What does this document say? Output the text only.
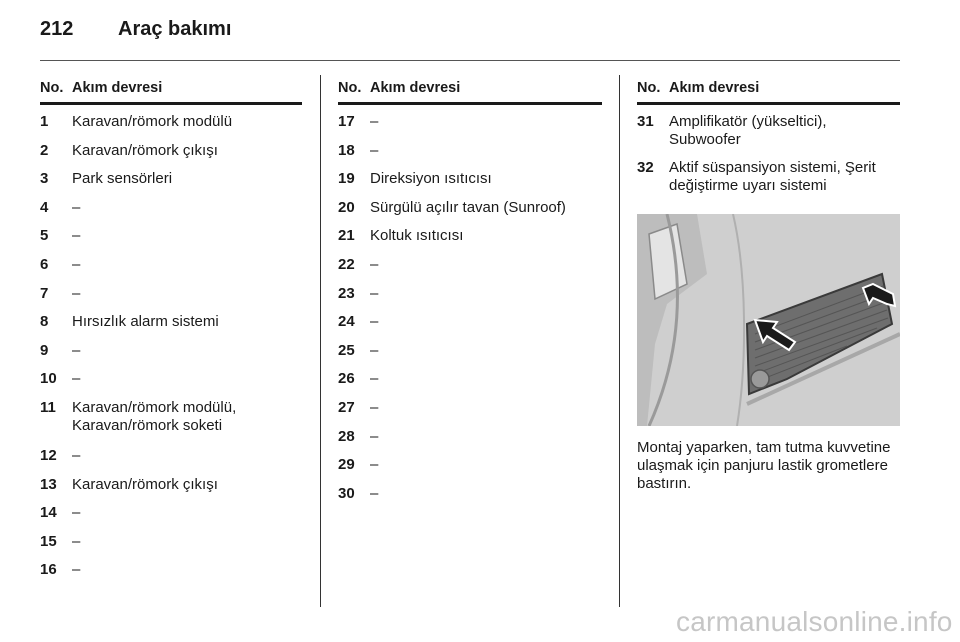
212 Araç bakımı
No. Akım devresi
1	Karavan/römork modülü
2	Karavan/römork çıkışı
3	Park sensörleri
4	–
5	–
6	–
7	–
8	Hırsızlık alarm sistemi
9	–
10	–
11	Karavan/römork modülü, Karavan/römork soketi
12	–
13	Karavan/römork çıkışı
14	–
15	–
16	–
No. Akım devresi
17	–
18	–
19	Direksiyon ısıtıcısı
20	Sürgülü açılır tavan (Sunroof)
21	Koltuk ısıtıcısı
22	–
23	–
24	–
25	–
26	–
27	–
28	–
29	–
30	–
No. Akım devresi
31	Amplifikatör (yükseltici), Subwoofer
32	Aktif süspansiyon sistemi, Şerit değiştirme uyarı sistemi
Montaj yaparken, tam tutma kuvvetine ulaşmak için panjuru lastik grometlere bastırın.
carmanualsonline.info
